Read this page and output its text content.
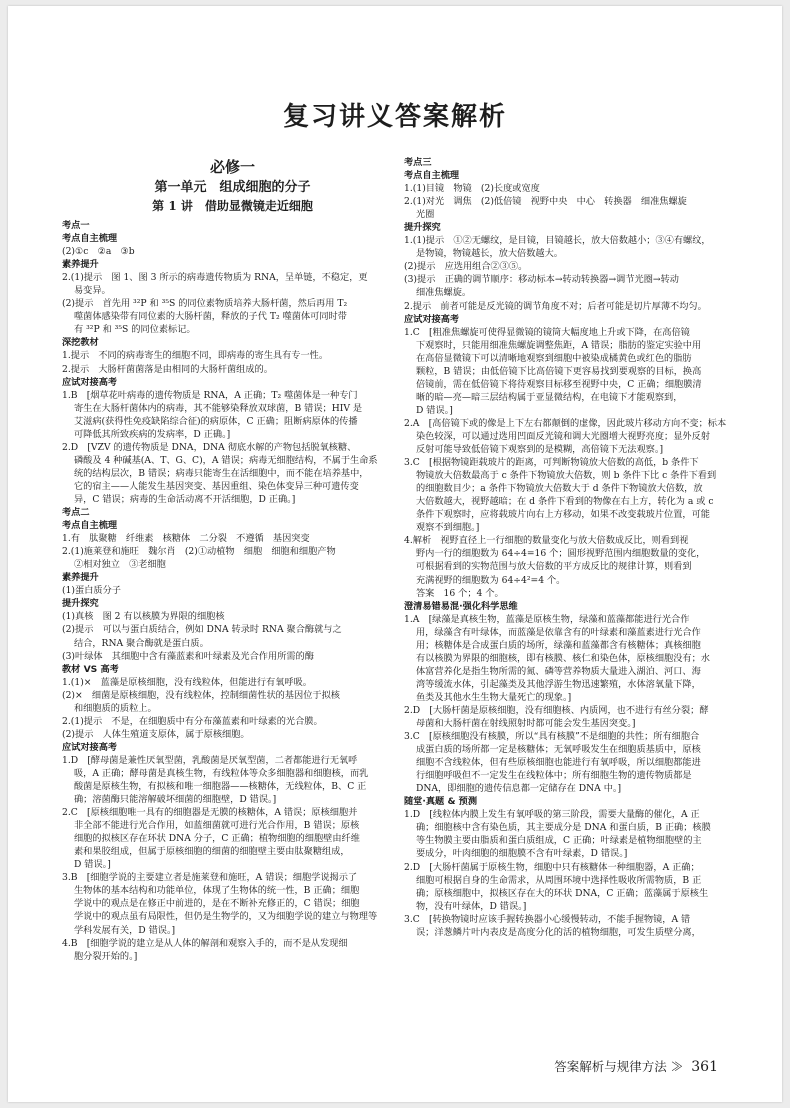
复习讲义答案解析
必修一
第一单元　组成细胞的分子
第 1 讲　借助显微镜走近细胞
考点一
考点自主梳理
(2)①c　②a　③b
素养提升
2.(1)提示　图 1、图 3 所示的病毒遗传物质为 RNA，呈单链，不稳定，更
易变异。
(2)提示　首先用 ³²P 和 ³⁵S 的同位素物质培养大肠杆菌，然后再用 T₂
噬菌体感染带有同位素的大肠杆菌，释放的子代 T₂ 噬菌体可同时带
有 ³²P 和 ³⁵S 的同位素标记。
深挖教材
1.提示　不同的病毒寄生的细胞不同，即病毒的寄生具有专一性。
2.提示　大肠杆菌菌落是由相同的大肠杆菌组成的。
应试对接高考
1.B　[烟草花叶病毒的遗传物质是 RNA，A 正确；T₂ 噬菌体是一种专门
寄生在大肠杆菌体内的病毒，其不能够染释放双球菌，B 错误；HIV 是
艾滋病(获得性免疫缺陷综合征)的病原体，C 正确；阻断病原体的传播
可降低其所致疾病的发病率，D 正确。]
2.D　[VZV 的遗传物质是 DNA，DNA 彻底水解的产物包括脱氧核糖、
磷酸及 4 种碱基(A、T、G、C)，A 错误；病毒无细胞结构，不属于生命系
统的结构层次，B 错误；病毒只能寄生在活细胞中，而不能在培养基中，
它的宿主——人能发生基因突变、基因重组、染色体变异三种可遗传变
异，C 错误；病毒的生命活动离不开活细胞，D 正确。]
考点二
考点自主梳理
1.有　肽聚糖　纤维素　核糖体　二分裂　不遵循　基因突变
2.(1)施莱登和施旺　魏尔肖　(2)①动植物　细胞　细胞和细胞产物
②相对独立　③老细胞
素养提升
(1)蛋白质分子
提升探究
(1)真核　图 2 有以核膜为界限的细胞核
(2)提示　可以与蛋白质结合，例如 DNA 转录时 RNA 聚合酶就与之
结合，RNA 聚合酶就是蛋白质。
(3)叶绿体　其细胞中含有藻蓝素和叶绿素及光合作用所需的酶
教材 VS 高考
1.(1)×　蓝藻是原核细胞，没有线粒体，但能进行有氧呼吸。
(2)×　细菌是原核细胞，没有线粒体，控制细菌性状的基因位于拟核
和细胞质的质粒上。
2.(1)提示　不是，在细胞质中有分布藻蓝素和叶绿素的光合膜。
(2)提示　人体生殖道支原体，属于原核细胞。
应试对接高考
1.D　[酵母菌是兼性厌氧型菌，乳酸菌是厌氧型菌，二者都能进行无氧呼
吸，A 正确；酵母菌是真核生物，有线粒体等众多细胞器和细胞核，而乳
酸菌是原核生物，有拟核和唯一细胞器——核糖体，无线粒体，B、C 正
确；溶菌酶只能溶解破坏细菌的细胞壁，D 错误。]
2.C　[原核细胞唯一具有的细胞器是无膜的核糖体，A 错误；原核细胞并
非全部不能进行光合作用，如蓝细菌就可进行光合作用，B 错误；原核
细胞的拟核区存在环状 DNA 分子，C 正确；植物细胞的细胞壁由纤维
素和果胶组成，但属于原核细胞的细菌的细胞壁主要由肽聚糖组成，
D 错误。]
3.B　[细胞学说的主要建立者是施莱登和施旺，A 错误；细胞学说揭示了
生物体的基本结构和功能单位，体现了生物体的统一性，B 正确；细胞
学说中的观点是在修正中前进的，是在不断补充修正的，C 错误；细胞
学说中的观点虽有局限性，但仍是生物学的，又为细胞学说的建立与物理等
学科发展有关，D 错误。]
4.B　[细胞学说的建立是从人体的解剖和观察入手的，而不是从发现细
胞分裂开始的。]
考点三
考点自主梳理
1.(1)目镜　物镜　(2)长度或宽度
2.(1)对光　调焦　(2)低倍镜　视野中央　中心　转换器　细准焦螺旋
光圈
提升探究
1.(1)提示　①②无螺纹，是目镜，目镜越长，放大倍数越小；③④有螺纹，
是物镜，物镜越长，放大倍数越大。
(2)提示　应选用组合②③⑤。
(3)提示　正确的调节顺序：移动标本→转动转换器→调节光圈→转动
细准焦螺旋。
2.提示　前者可能是反光镜的调节角度不对；后者可能是切片厚薄不均匀。
应试对接高考
1.C　[粗准焦螺旋可使得显微镜的镜筒大幅度地上升或下降，在高倍镜
下观察时，只能用细准焦螺旋调整焦距，A 错误；脂肪的鉴定实验中用
在高倍显微镜下可以清晰地观察到细胞中被染成橘黄色或红色的脂肪
颗粒，B 错误；由低倍镜下比高倍镜下更容易找到要观察的目标，换高
倍镜前，需在低倍镜下将待观察目标移至视野中央，C 正确；细胞膜清
晰的暗—亮—暗三层结构属于亚显微结构，在电镜下才能观察到，
D 错误。]
2.A　[高倍镜下或的像是上下左右都颠倒的虚像，因此玻片移动方向不变；标本
染色较深，可以通过选用凹面反光镜和调大光圈增大视野亮度；显外反射
反射可能导致低倍镜下观察到的是模糊，高倍镜下无法观察。]
3.C　[根据物镜距载玻片的距离，可判断物镜放大倍数的高低，b 条件下
物镜放大倍数最高于 c 条件下物镜放大倍数，则 b 条件下比 c 条件下看到
的细胞数目少；a 条件下物镜放大倍数大于 d 条件下物镜放大倍数，放
大倍数越大，视野越暗；在 d 条件下看到的物像在右上方，转化为 a 或 c
条件下观察时，应将载玻片向右上方移动，如果不改变载玻片位置，可能
观察不到细胞。]
4.解析　视野直径上一行细胞的数量变化与放大倍数成反比，则看到视
野内一行的细胞数为 64÷4=16 个；圆形视野范围内细胞数量的变化，
可根据看到的实物范围与放大倍数的平方成反比的规律计算，则看到
充满视野的细胞数为 64÷4²=4 个。
答案　16 个；4 个。
澄清易错易混·强化科学思维
1.A　[绿藻是真核生物，蓝藻是原核生物，绿藻和蓝藻都能进行光合作
用，绿藻含有叶绿体，而蓝藻是依靠含有的叶绿素和藻蓝素进行光合作
用；核糖体是合成蛋白质的场所，绿藻和蓝藻都含有核糖体；真核细胞
有以核膜为界限的细胞核，即有核膜、核仁和染色体，原核细胞没有；水
体富营养化是指生物所需的氮、磷等营养物质大量进入湖泊、河口、海
湾等缓流水体，引起藻类及其他浮游生物迅速繁殖，水体溶氧量下降，
鱼类及其他水生生物大量死亡的现象。]
2.D　[大肠杆菌是原核细胞，没有细胞核、内质网，也不进行有丝分裂；酵
母菌和大肠杆菌在射线照射时都可能会发生基因突变。]
3.C　[原核细胞没有核膜，所以“具有核膜”不是细胞的共性；所有细胞合
成蛋白质的场所都一定是核糖体；无氧呼吸发生在细胞质基质中，原核
细胞不含线粒体，但有些原核细胞也能进行有氧呼吸，所以细胞都能进
行细胞呼吸但不一定发生在线粒体中；所有细胞生物的遗传物质都是
DNA，即细胞的遗传信息都一定储存在 DNA 中。]
随堂·真题 & 预测
1.D　[线粒体内膜上发生有氧呼吸的第三阶段，需要大量酶的催化，A 正
确；细胞核中含有染色质，其主要成分是 DNA 和蛋白质，B 正确；核膜
等生物膜主要由脂质和蛋白质组成，C 正确；叶绿素是植物细胞壁的主
要成分，叶肉细胞的细胞膜不含有叶绿素，D 错误。]
2.D　[大肠杆菌属于原核生物，细胞中只有核糖体一种细胞器，A 正确；
细胞可根据自身的生命需求，从周围环境中选择性吸收所需物质，B 正
确；原核细胞中，拟核区存在大的环状 DNA，C 正确；蓝藻属于原核生
物，没有叶绿体，D 错误。]
3.C　[转换物镜时应该手握转换器小心缓慢转动，不能手握物镜，A 错
误；洋葱鳞片叶内表皮是高度分化的活的植物细胞，可发生质壁分离，
答案解析与规律方法 ≫ 361
